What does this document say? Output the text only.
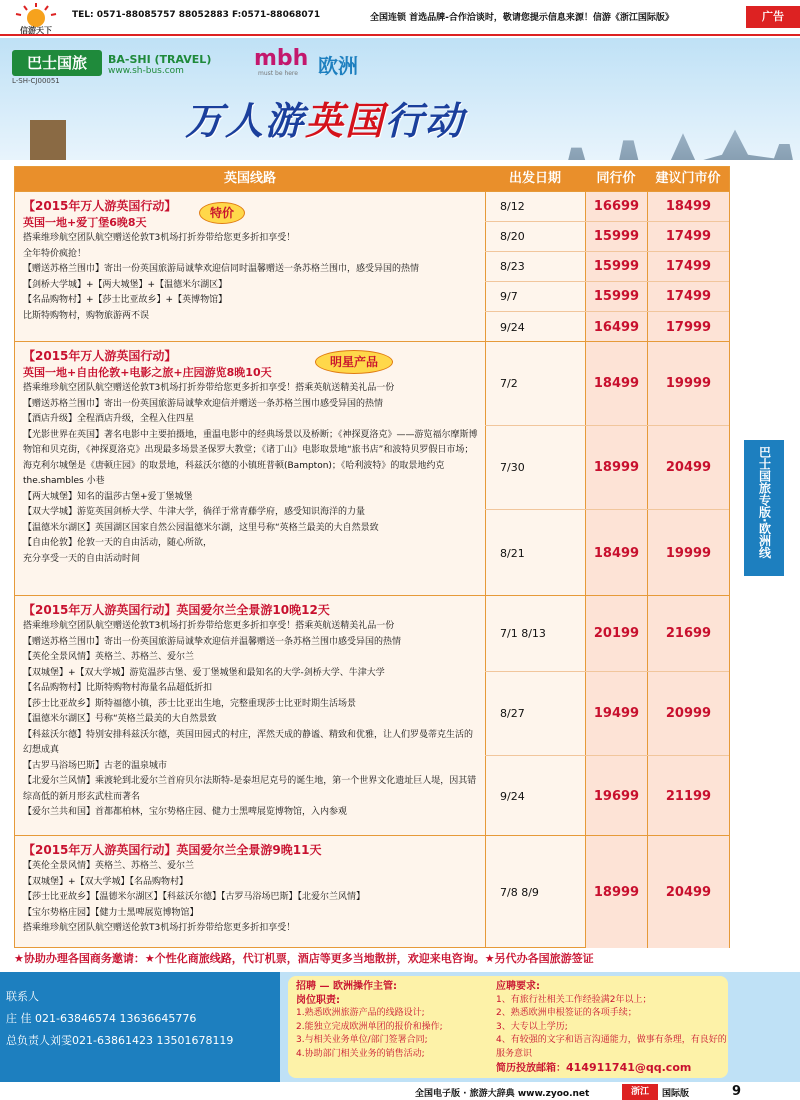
信游天下
TEL: 0571-88085757 88052883 F:0571-88068071	全国连锁 首选品牌-合作洽谈时，敬请您提示信息来源！信游《浙江国际版》	广告
巴士国旅	BA-SHI (TRAVEL)
www.sh-bus.com
L-SH-CJ00051
mbh
must be here 欧洲
万人游英国行动
英国线路	出发日期	同行价	建议门市价

【2015年万人游英国行动】

英国一地+爱丁堡6晚8天

搭乘维珍航空团队航空赠送伦敦T3机场打折券带给您更多折扣享受！

全年特价疯抢！

【赠送苏格兰围巾】寄出一份英国旅游局诚挚欢迎信同时温馨赠送一条苏格兰围巾，感受异国的热情

【剑桥大学城】+【两大城堡】+【温德米尔湖区】

【名品购物村】+【莎士比亚故乡】+【英博物馆】

比斯特购物村，购物旅游两不误

特价	8/12	16699	18499
8/20	15999	17499
8/23	15999	17499
9/7	15999	17499
9/24	16499	17999

【2015年万人游英国行动】

英国一地+自由伦敦+电影之旅+庄园游览8晚10天

搭乘维珍航空团队航空赠送伦敦T3机场打折券带给您更多折扣享受！搭乘英航送精美礼品一份

【赠送苏格兰围巾】寄出一份英国旅游局诚挚欢迎信并赠送一条苏格兰围巾感受异国的热情

【酒店升级】全程酒店升级，全程入住四星

【光影世界在英国】著名电影中主要拍摄地，重温电影中的经典场景以及桥断；《神探夏洛克》——游览福尔摩斯博物馆和贝克街，《神探夏洛克》出现最多场景圣保罗大教堂；《诸丁山》电影取景地“旅书店”和波特贝罗假日市场；海克利尔城堡是《唐顿庄园》的取景地，科兹沃尔德的小镇班普顿(Bampton)；《哈利波特》的取景地约克the.shambles 小巷

【两大城堡】知名的温莎古堡+爱丁堡城堡

【双大学城】游览英国剑桥大学、牛津大学，徜徉于常青藤学府，感受知识海洋的力量

【温德米尔湖区】英国湖区国家自然公园温德米尔湖，这里号称“英格兰最美的大自然景致

【自由伦敦】伦敦一天的自由活动，随心所欲，

充分享受一天的自由活动时间

明星产品
7/2	18499	19999
7/30	18999	20499
8/21	18499	19999

【2015年万人游英国行动】英国爱尔兰全景游10晚12天

搭乘维珍航空团队航空赠送伦敦T3机场打折券带给您更多折扣享受！搭乘英航送精美礼品一份

【赠送苏格兰围巾】寄出一份英国旅游局诚挚欢迎信并温馨赠送一条苏格兰围巾感受异国的热情

【英伦全景风情】英格兰、苏格兰、爱尔兰

【双城堡】+【双大学城】游览温莎古堡、爱丁堡城堡和最知名的大学-剑桥大学、牛津大学

【名品购物村】比斯特购物村海量名品超低折扣

【莎士比亚故乡】斯特福德小镇，莎士比亚出生地，完整重现莎士比亚时期生活场景

【温德米尔湖区】号称“英格兰最美的大自然景致

【科兹沃尔德】特别安排科兹沃尔德，英国田园式的村庄，浑然天成的静谧、精致和优雅，让人们罗曼蒂克生活的幻想成真

【古罗马浴场巴斯】古老的温泉城市

【北爱尔兰风情】乘渡轮到北爱尔兰首府贝尔法斯特-是泰坦尼克号的诞生地，第一个世界文化遗址巨人堤，因其错综高低的新月形玄武柱而著名

【爱尔兰共和国】首都都柏林，宝尔势格庄园、健力士黑啤展览博物馆，入内参观

7/1 8/13	20199	21699
8/27	19499	20999
9/24	19699	21199

【2015年万人游英国行动】英国爱尔兰全景游9晚11天

【英伦全景风情】英格兰、苏格兰、爱尔兰

【双城堡】+【双大学城】【名品购物村】

【莎士比亚故乡】【温德米尔湖区】【科兹沃尔德】【古罗马浴场巴斯】【北爱尔兰风情】

【宝尔势格庄园】【健力士黑啤展览博物馆】

搭乘维珍航空团队航空赠送伦敦T3机场打折券带给您更多折扣享受！

7/8 8/9	18999	20499
巴士国旅专版·欧洲线
★协助办理各国商务邀请：★个性化商旅线路，代订机票，酒店等更多当地散拼，欢迎来电咨询。★另代办各国旅游签证
联系人
庄 佳 021-63846574 13636645776
总负责人刘雯021-63861423 13501678119
招聘 — 欧洲操作主管:
岗位职责:
1.熟悉欧洲旅游产品的线路设计;
2.能独立完成欧洲单团的报价和操作;
3.与相关业务单位/部门签署合同;
4.协助部门相关业务的销售活动;
应聘要求:
1、有旅行社相关工作经验满2年以上；
2、熟悉欧洲申根签证的各项手续；
3、大专以上学历;
4、有较强的文字和语言沟通能力，做事有条理，有良好的服务意识
简历投放邮箱：414911741@qq.com
全国电子版 · 旅游大辞典 www.zyoo.net	浙江	国际版	9
